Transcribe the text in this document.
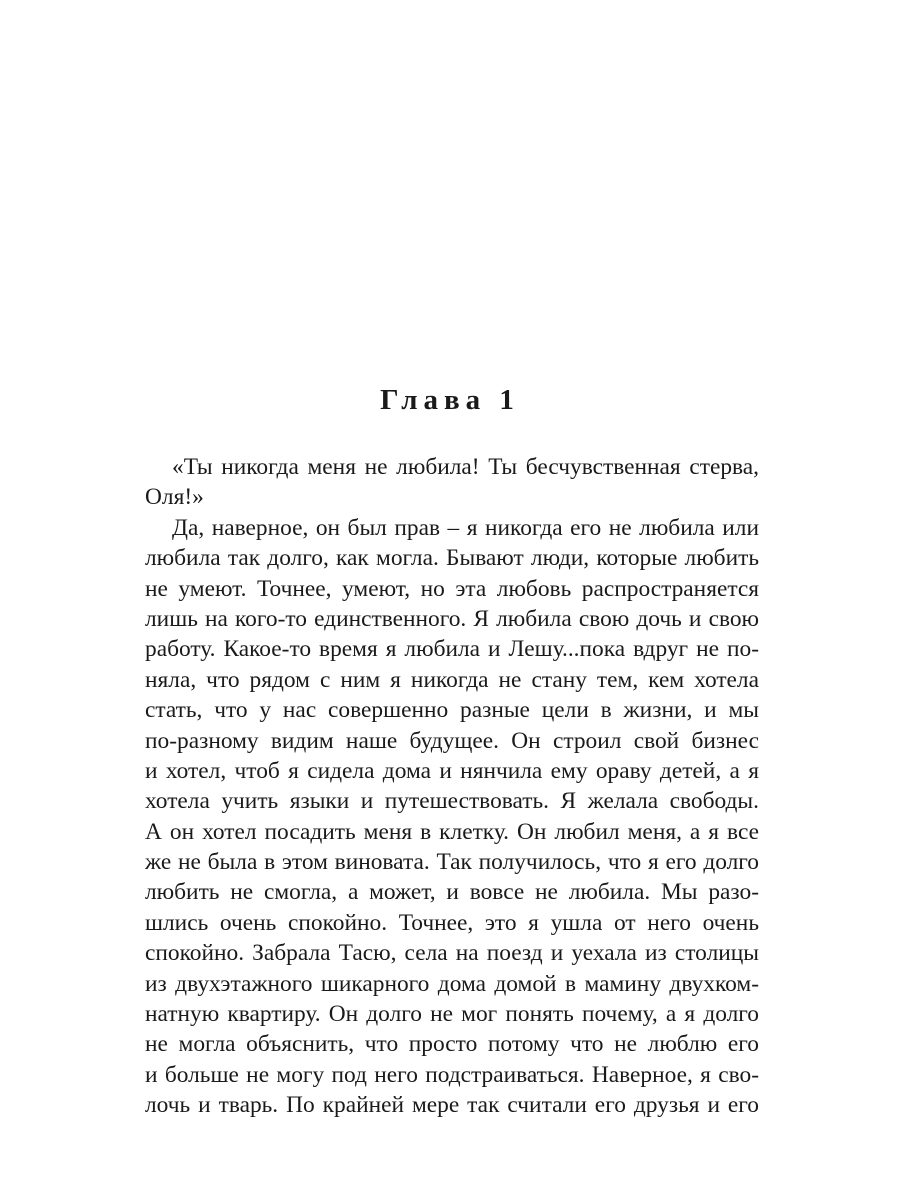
Глава 1
«Ты никогда меня не любила! Ты бесчувственная стерва,
Оля!»
Да, наверное, он был прав – я никогда его не любила или
любила так долго, как могла. Бывают люди, которые любить
не умеют. Точнее, умеют, но эта любовь распространяется
лишь на кого-то единственного. Я любила свою дочь и свою
работу. Какое-то время я любила и Лешу...пока вдруг не по-
няла, что рядом с ним я никогда не стану тем, кем хотела
стать, что у нас совершенно разные цели в жизни, и мы
по-разному видим наше будущее. Он строил свой бизнес
и хотел, чтоб я сидела дома и нянчила ему ораву детей, а я
хотела учить языки и путешествовать. Я желала свободы.
А он хотел посадить меня в клетку. Он любил меня, а я все
же не была в этом виновата. Так получилось, что я его долго
любить не смогла, а может, и вовсе не любила. Мы разо-
шлись очень спокойно. Точнее, это я ушла от него очень
спокойно. Забрала Тасю, села на поезд и уехала из столицы
из двухэтажного шикарного дома домой в мамину двухком-
натную квартиру. Он долго не мог понять почему, а я долго
не могла объяснить, что просто потому что не люблю его
и больше не могу под него подстраиваться. Наверное, я сво-
лочь и тварь. По крайней мере так считали его друзья и его
